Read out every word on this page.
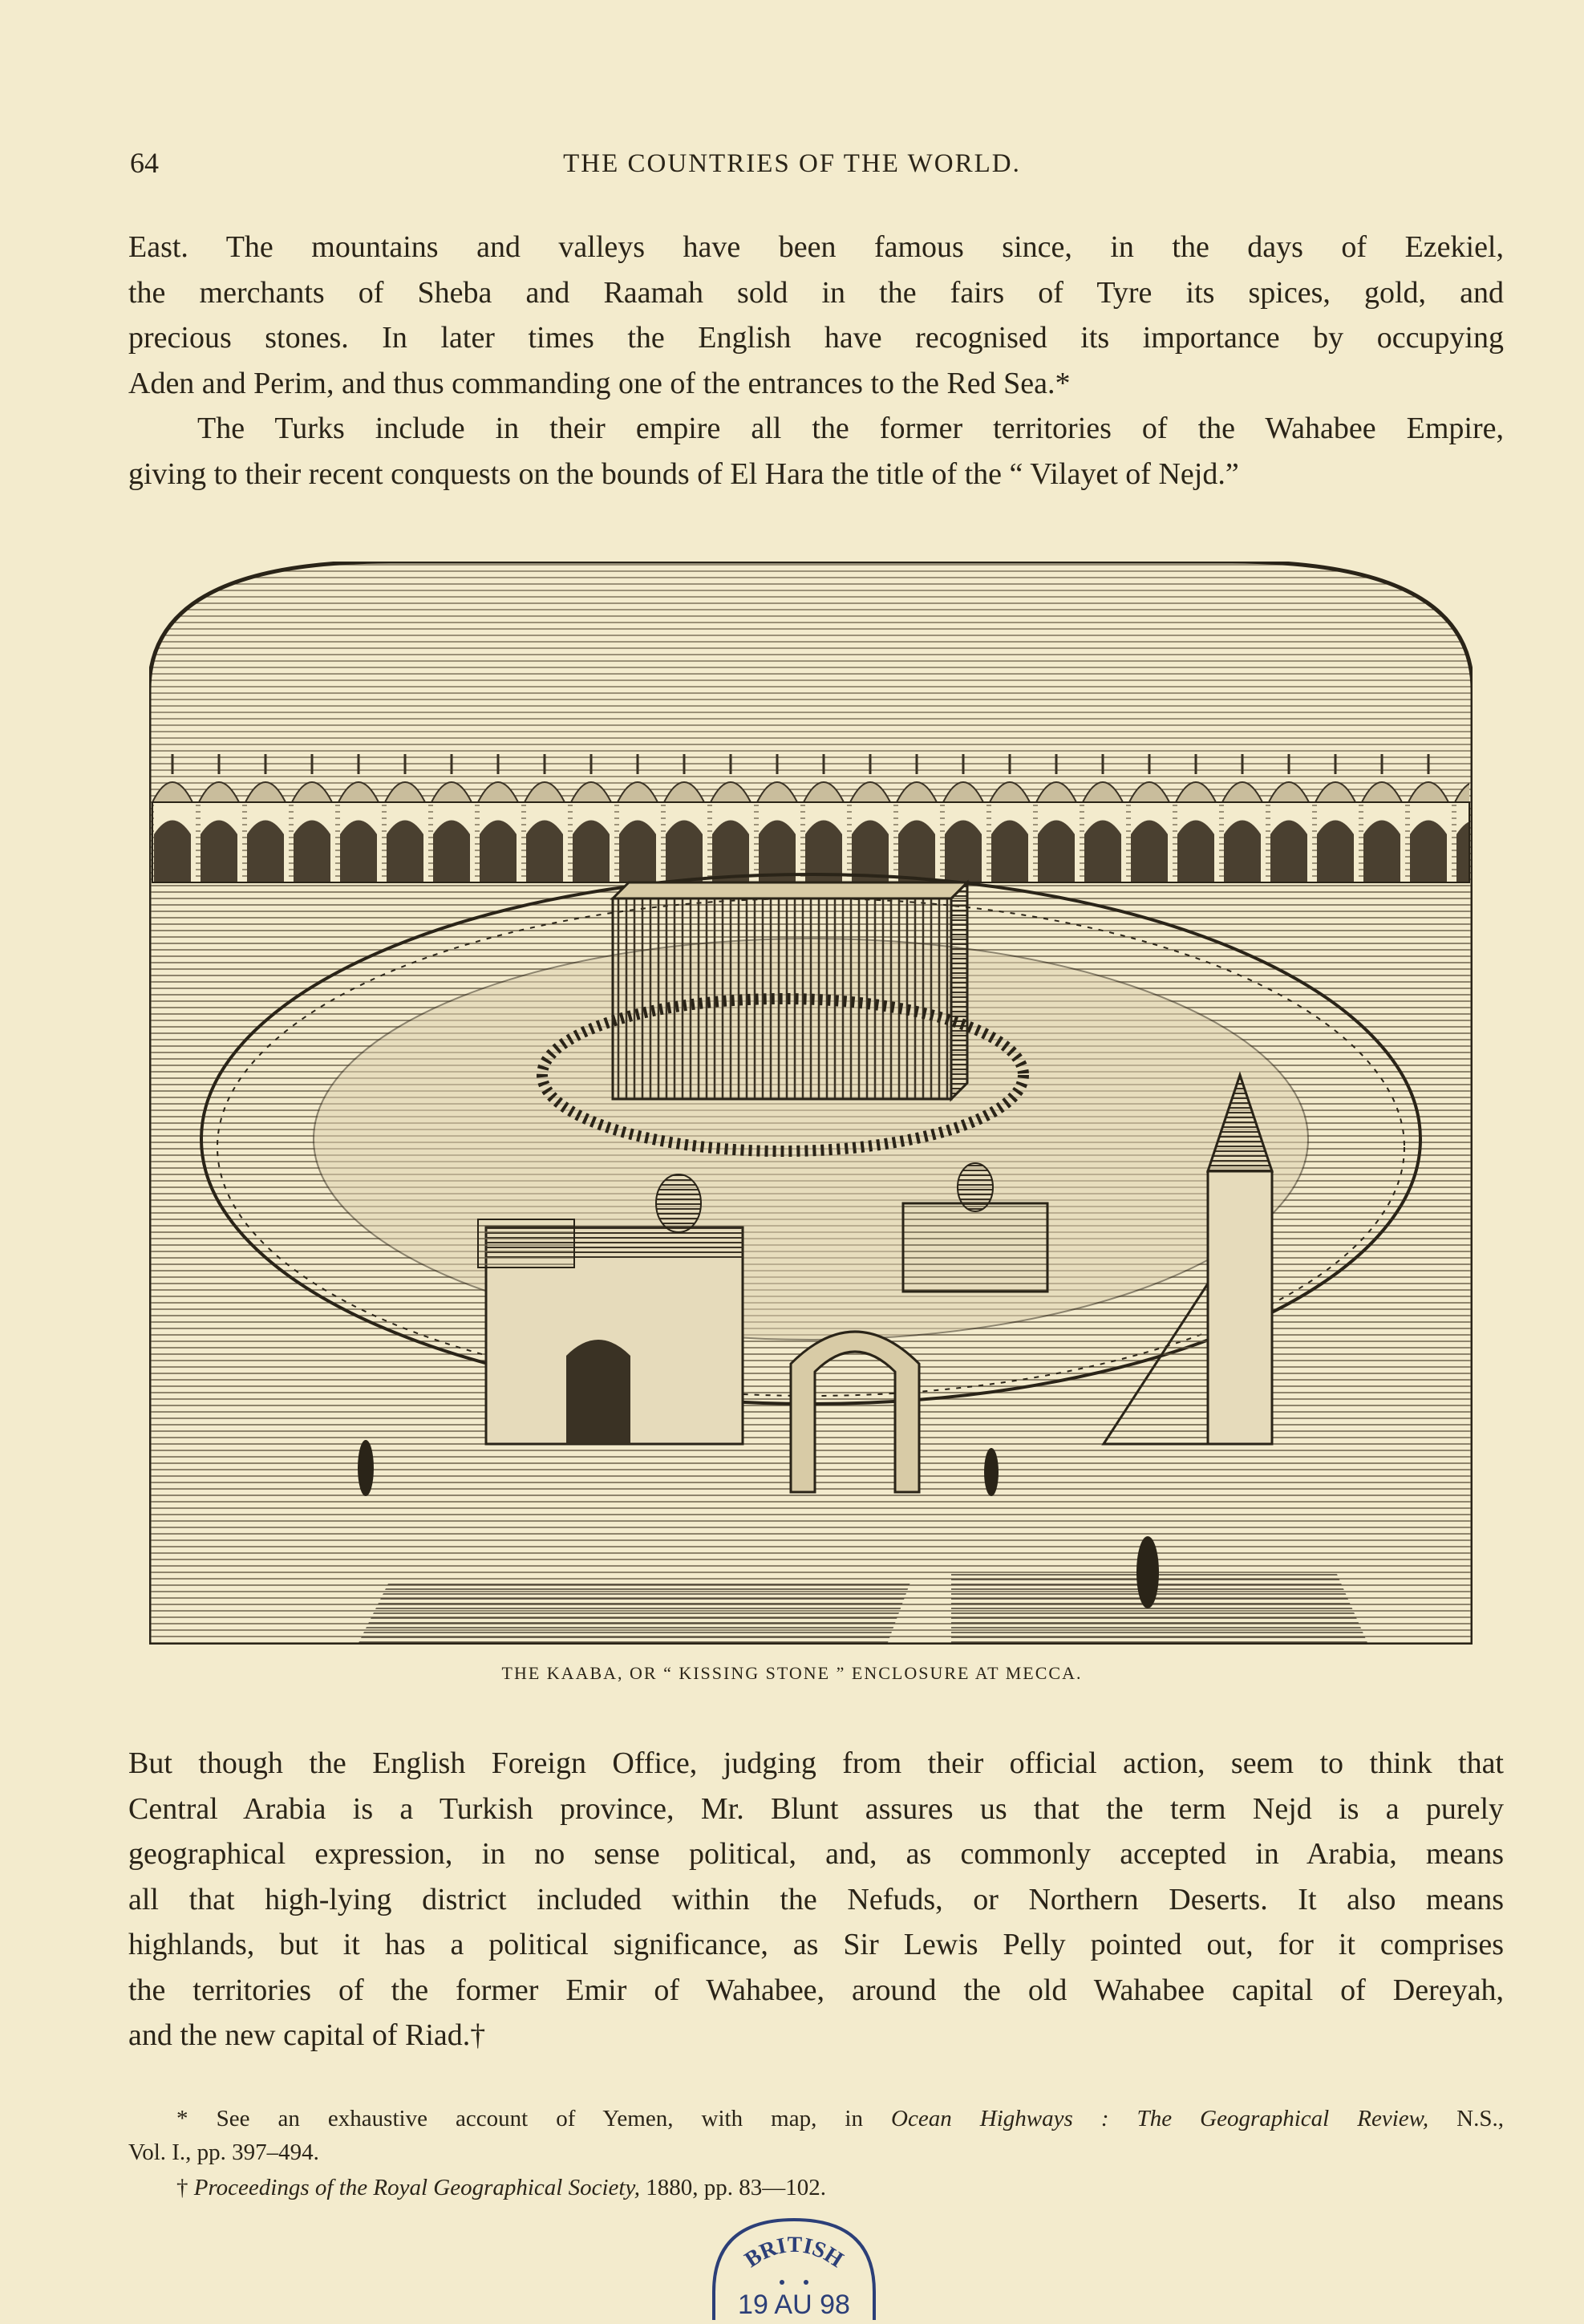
64	THE COUNTRIES OF THE WORLD.
East. The mountains and valleys have been famous since, in the days of Ezekiel,
the merchants of Sheba and Raamah sold in the fairs of Tyre its spices, gold, and
precious stones. In later times the English have recognised its importance by occupying
Aden and Perim, and thus commanding one of the entrances to the Red Sea.*
The Turks include in their empire all the former territories of the Wahabee Empire,
giving to their recent conquests on the bounds of El Hara the title of the “ Vilayet of Nejd.”
THE KAABA, OR “ KISSING STONE ” ENCLOSURE AT MECCA.
But though the English Foreign Office, judging from their official action, seem to think that
Central Arabia is a Turkish province, Mr. Blunt assures us that the term Nejd is a purely
geographical expression, in no sense political, and, as commonly accepted in Arabia, means
all that high-lying district included within the Nefuds, or Northern Deserts. It also means
highlands, but it has a political significance, as Sir Lewis Pelly pointed out, for it comprises
the territories of the former Emir of Wahabee, around the old Wahabee capital of Dereyah,
and the new capital of Riad.†
* See an exhaustive account of Yemen, with map, in Ocean Highways : The Geographical Review, N.S.,
Vol. I., pp. 397–494.
† Proceedings of the Royal Geographical Society, 1880, pp. 83—102.
BRITISH
19 AU 98
